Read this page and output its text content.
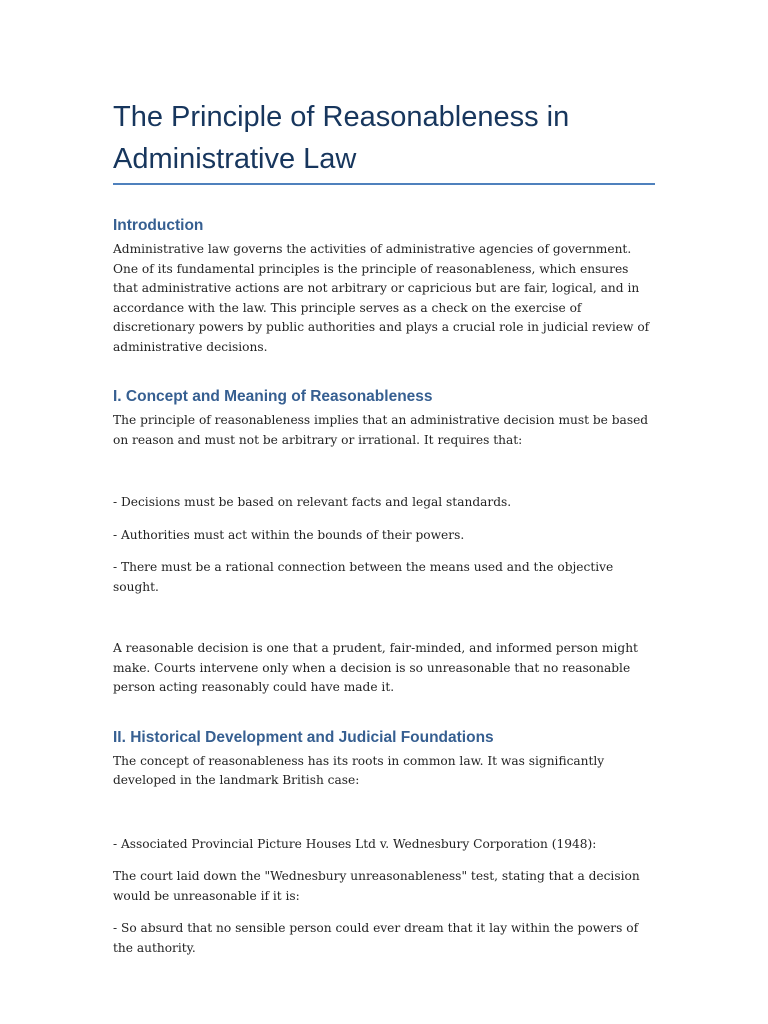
The Principle of Reasonableness in Administrative Law
Introduction

Administrative law governs the activities of administrative agencies of government. One of its fundamental principles is the principle of reasonableness, which ensures that administrative actions are not arbitrary or capricious but are fair, logical, and in accordance with the law. This principle serves as a check on the exercise of discretionary powers by public authorities and plays a crucial role in judicial review of administrative decisions.

I. Concept and Meaning of Reasonableness

The principle of reasonableness implies that an administrative decision must be based on reason and must not be arbitrary or irrational. It requires that:

- Decisions must be based on relevant facts and legal standards.

- Authorities must act within the bounds of their powers.

- There must be a rational connection between the means used and the objective sought.

A reasonable decision is one that a prudent, fair-minded, and informed person might make. Courts intervene only when a decision is so unreasonable that no reasonable person acting reasonably could have made it.

II. Historical Development and Judicial Foundations

The concept of reasonableness has its roots in common law. It was significantly developed in the landmark British case:

- Associated Provincial Picture Houses Ltd v. Wednesbury Corporation (1948):

The court laid down the "Wednesbury unreasonableness" test, stating that a decision would be unreasonable if it is:

- So absurd that no sensible person could ever dream that it lay within the powers of the authority.
